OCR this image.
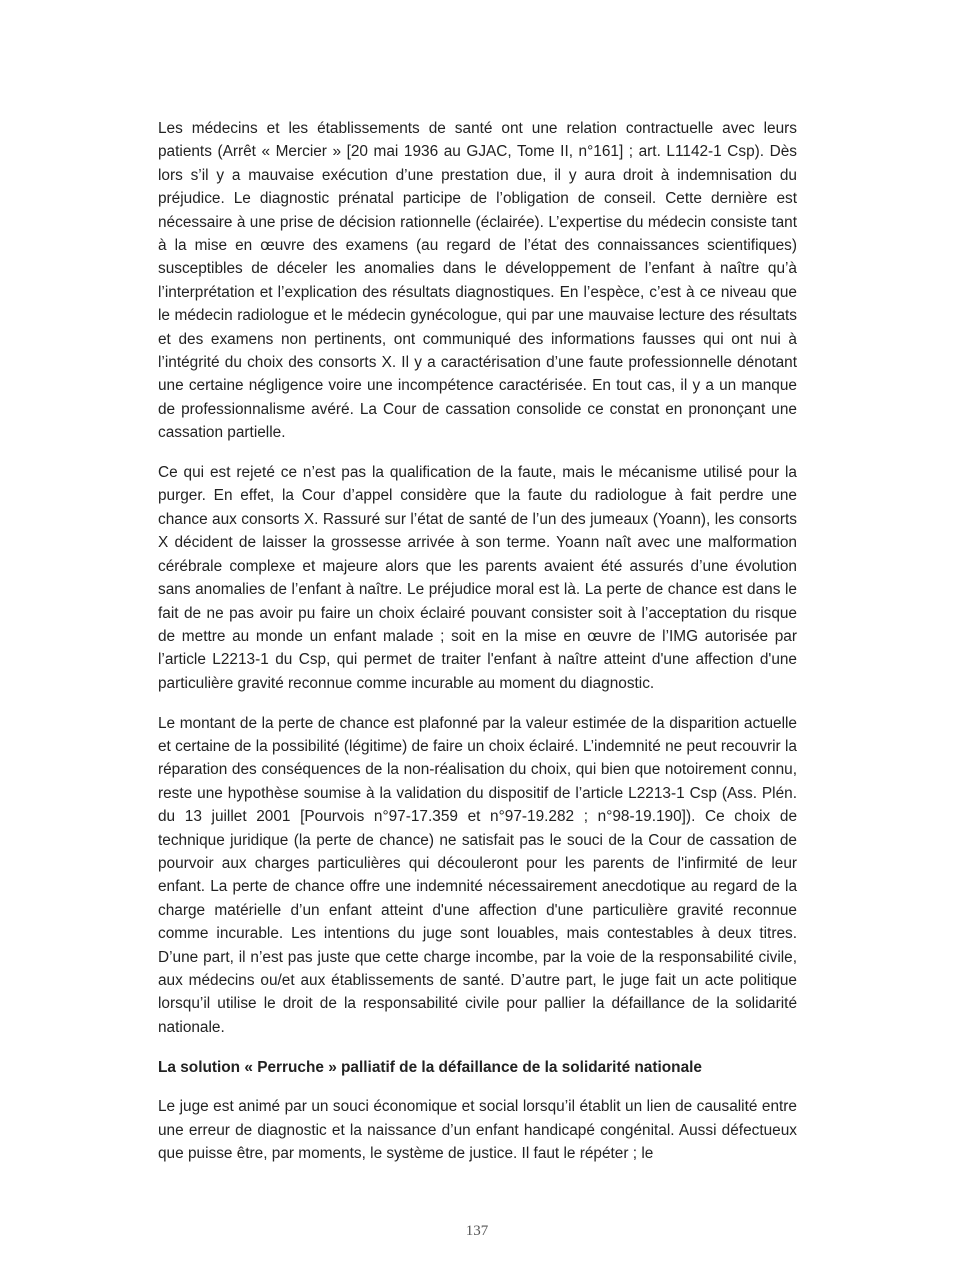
Les médecins et les établissements de santé ont une relation contractuelle avec leurs patients (Arrêt « Mercier » [20 mai 1936 au GJAC, Tome II, n°161] ; art. L1142-1 Csp). Dès lors s’il y a mauvaise exécution d’une prestation due, il y aura droit à indemnisation du préjudice. Le diagnostic prénatal participe de l’obligation de conseil. Cette dernière est nécessaire à une prise de décision rationnelle (éclairée). L’expertise du médecin consiste tant à la mise en œuvre des examens (au regard de l’état des connaissances scientifiques) susceptibles de déceler les anomalies dans le développement de l’enfant à naître qu’à l’interprétation et l’explication des résultats diagnostiques. En l’espèce, c’est à ce niveau que le médecin radiologue et le médecin gynécologue, qui par une mauvaise lecture des résultats et des examens non pertinents, ont communiqué des informations fausses qui ont nui à l’intégrité du choix des consorts X. Il y a caractérisation d’une faute professionnelle dénotant une certaine négligence voire une incompétence caractérisée. En tout cas, il y a un manque de professionnalisme avéré. La Cour de cassation consolide ce constat en prononçant une cassation partielle.

Ce qui est rejeté ce n’est pas la qualification de la faute, mais le mécanisme utilisé pour la purger. En effet, la Cour d’appel considère que la faute du radiologue à fait perdre une chance aux consorts X. Rassuré sur l’état de santé de l’un des jumeaux (Yoann), les consorts X décident de laisser la grossesse arrivée à son terme. Yoann naît avec une malformation cérébrale complexe et majeure alors que les parents avaient été assurés d’une évolution sans anomalies de l’enfant à naître. Le préjudice moral est là. La perte de chance est dans le fait de ne pas avoir pu faire un choix éclairé pouvant consister soit à l’acceptation du risque de mettre au monde un enfant malade ; soit en la mise en œuvre de l’IMG autorisée par l’article L2213-1 du Csp, qui permet de traiter l'enfant à naître atteint d'une affection d'une particulière gravité reconnue comme incurable au moment du diagnostic.

Le montant de la perte de chance est plafonné par la valeur estimée de la disparition actuelle et certaine de la possibilité (légitime) de faire un choix éclairé. L’indemnité ne peut recouvrir la réparation des conséquences de la non-réalisation du choix, qui bien que notoirement connu, reste une hypothèse soumise à la validation du dispositif de l’article L2213-1 Csp (Ass. Plén. du 13 juillet 2001 [Pourvois n°97-17.359 et n°97-19.282 ; n°98-19.190]). Ce choix de technique juridique (la perte de chance) ne satisfait pas le souci de la Cour de cassation de pourvoir aux charges particulières qui découleront pour les parents de l'infirmité de leur enfant. La perte de chance offre une indemnité nécessairement anecdotique au regard de la charge matérielle d’un enfant atteint d'une affection d'une particulière gravité reconnue comme incurable. Les intentions du juge sont louables, mais contestables à deux titres. D’une part, il n’est pas juste que cette charge incombe, par la voie de la responsabilité civile, aux médecins ou/et aux établissements de santé. D’autre part, le juge fait un acte politique lorsqu’il utilise le droit de la responsabilité civile pour pallier la défaillance de la solidarité nationale.

La solution « Perruche » palliatif de la défaillance de la solidarité nationale

Le juge est animé par un souci économique et social lorsqu’il établit un lien de causalité entre une erreur de diagnostic et la naissance d’un enfant handicapé congénital. Aussi défectueux que puisse être, par moments, le système de justice. Il faut le répéter ; le

137
